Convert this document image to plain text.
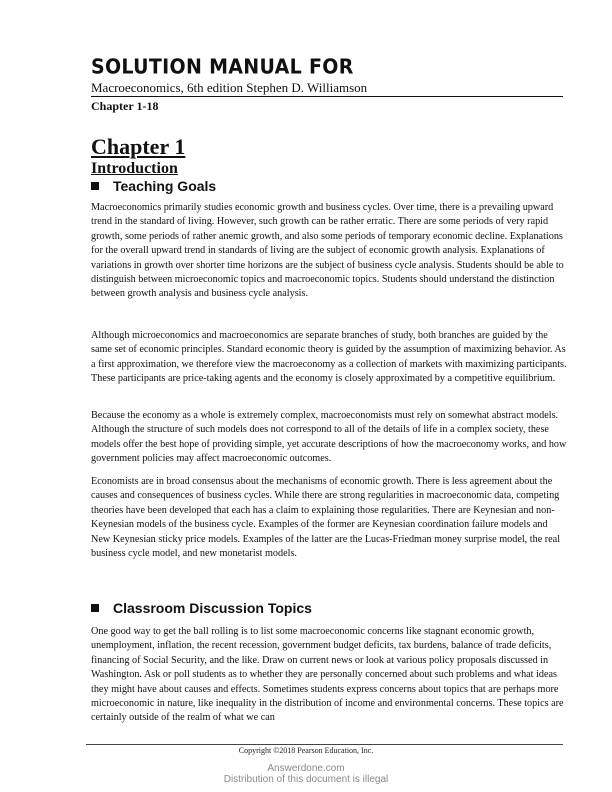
SOLUTION MANUAL FOR
Macroeconomics, 6th edition Stephen D. Williamson
Chapter 1-18
Chapter 1
Introduction
Teaching Goals

Macroeconomics primarily studies economic growth and business cycles. Over time, there is a prevailing upward trend in the standard of living. However, such growth can be rather erratic. There are some periods of very rapid growth, some periods of rather anemic growth, and also some periods of temporary economic decline. Explanations for the overall upward trend in standards of living are the subject of economic growth analysis. Explanations of variations in growth over shorter time horizons are the subject of business cycle analysis. Students should be able to distinguish between microeconomic topics and macroeconomic topics. Students should understand the distinction between growth analysis and business cycle analysis.

Although microeconomics and macroeconomics are separate branches of study, both branches are guided by the same set of economic principles. Standard economic theory is guided by the assumption of maximizing behavior. As a first approximation, we therefore view the macroeconomy as a collection of markets with maximizing participants. These participants are price-taking agents and the economy is closely approximated by a competitive equilibrium.

Because the economy as a whole is extremely complex, macroeconomists must rely on somewhat abstract models. Although the structure of such models does not correspond to all of the details of life in a complex society, these models offer the best hope of providing simple, yet accurate descriptions of how the macroeconomy works, and how government policies may affect macroeconomic outcomes.

Economists are in broad consensus about the mechanisms of economic growth. There is less agreement about the causes and consequences of business cycles. While there are strong regularities in macroeconomic data, competing theories have been developed that each has a claim to explaining those regularities. There are Keynesian and non-Keynesian models of the business cycle. Examples of the former are Keynesian coordination failure models and New Keynesian sticky price models. Examples of the latter are the Lucas-Friedman money surprise model, the real business cycle model, and new monetarist models.

Classroom Discussion Topics

One good way to get the ball rolling is to list some macroeconomic concerns like stagnant economic growth, unemployment, inflation, the recent recession, government budget deficits, tax burdens, balance of trade deficits, financing of Social Security, and the like. Draw on current news or look at various policy proposals discussed in Washington. Ask or poll students as to whether they are personally concerned about such problems and what ideas they might have about causes and effects. Sometimes students express concerns about topics that are perhaps more microeconomic in nature, like inequality in the distribution of income and environmental concerns. These topics are certainly outside of the realm of what we can

Copyright ©2018 Pearson Education, Inc.
Answerdone.com
Distribution of this document is illegal
